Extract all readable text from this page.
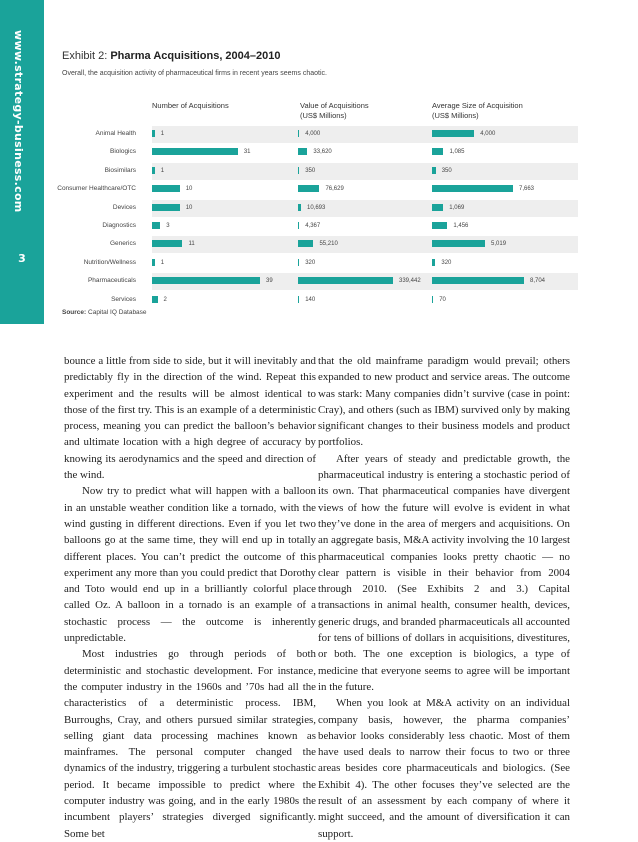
www.strategy-business.com
3
Exhibit 2: Pharma Acquisitions, 2004–2010
Overall, the acquisition activity of pharmaceutical firms in recent years seems chaotic.
Number of Acquisitions	Value of Acquisitions
(US$ Millions)
Average Size of Acquisition
(US$ Millions)
Animal Health
Biologics
Biosimilars
Consumer Healthcare/OTC
Devices
Diagnostics
Generics
Nutrition/Wellness
Pharmaceuticals
Services
1
31
1
10
10
3
11
1
39
2
4,000
33,620
350
76,629
10,693
4,367
55,210
320
339,442
140
4,000
1,085
350
7,663
1,069
1,456
5,019
320
8,704
70
Source: Capital IQ Database

bounce a little from side to side, but it will inevitably and predictably fly in the direction of the wind. Repeat this experiment and the results will be almost identical to those of the first try. This is an example of a deterministic process, meaning you can predict the balloon’s behavior and ultimate location with a high degree of accuracy by knowing its aerodynamics and the speed and direction of the wind.

Now try to predict what will happen with a balloon in an unstable weather condition like a tornado, with the wind gusting in different directions. Even if you let two balloons go at the same time, they will end up in totally different places. You can’t predict the outcome of this experiment any more than you could predict that Dorothy and Toto would end up in a brilliantly colorful place called Oz. A balloon in a tornado is an example of a stochastic process — the outcome is inherently unpredictable.

Most industries go through periods of both deterministic and stochastic development. For instance, the computer industry in the 1960s and ’70s had all the characteristics of a deterministic process. IBM, Burroughs, Cray, and others pursued similar strategies, selling giant data processing machines known as mainframes. The personal computer changed the dynamics of the industry, triggering a turbulent stochastic period. It became impossible to predict where the computer industry was going, and in the early 1980s the incumbent players’ strategies diverged significantly. Some bet

that the old mainframe paradigm would prevail; others expanded to new product and service areas. The outcome was stark: Many companies didn’t survive (case in point: Cray), and others (such as IBM) survived only by making significant changes to their business models and product portfolios.

After years of steady and predictable growth, the pharmaceutical industry is entering a stochastic period of its own. That pharmaceutical companies have divergent views of how the future will evolve is evident in what they’ve done in the area of mergers and acquisitions. On an aggregate basis, M&A activity involving the 10 largest pharmaceutical companies looks pretty chaotic — no clear pattern is visible in their behavior from 2004 through 2010. (See Exhibits 2 and 3.) Capital transactions in animal health, consumer health, devices, generic drugs, and branded pharmaceuticals all accounted for tens of billions of dollars in acquisitions, divestitures, or both. The one exception is biologics, a type of medicine that everyone seems to agree will be important in the future.

When you look at M&A activity on an individual company basis, however, the pharma companies’ behavior looks considerably less chaotic. Most of them have used deals to narrow their focus to two or three areas besides core pharmaceuticals and biologics. (See Exhibit 4). The other focuses they’ve selected are the result of an assessment by each company of where it might succeed, and the amount of diversification it can support.
